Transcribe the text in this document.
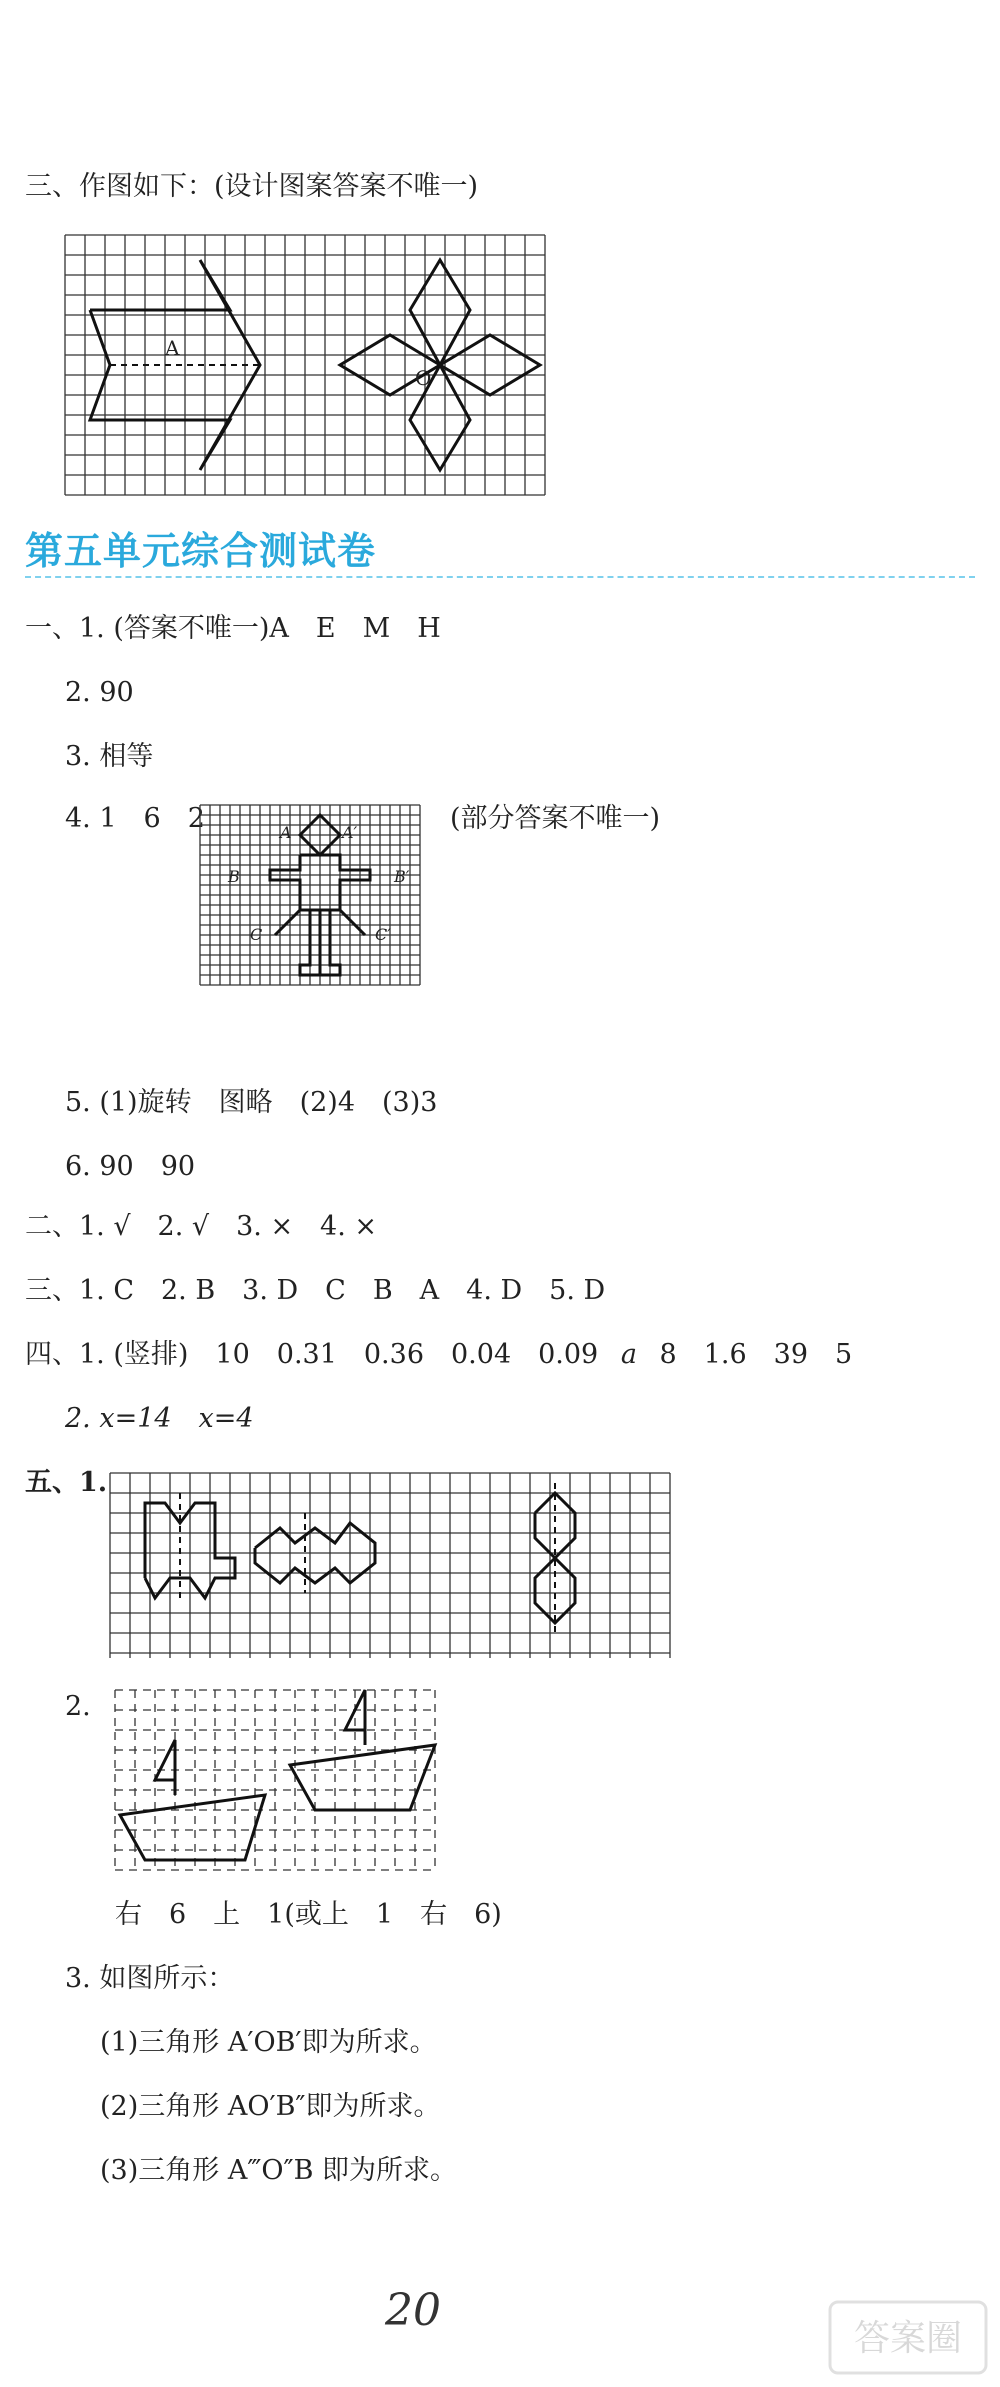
三、作图如下：(设计图案答案不唯一)
A
O
第五单元综合测试卷
一、1. (答案不唯一)A　E　M　H
2. 90
3. 相等
4. 1　6　2	(部分答案不唯一)
A	A′
B	B′
C	C′
5. (1)旋转　图略　(2)4　(3)3
6. 90　90
二、1. √　2. √　3. ×　4. ×
三、1. C　2. B　3. D　C　B　A　4. D　5. D
四、1. (竖排)　10　0.31　0.36　0.04　0.09 a 8　1.6　39　5
2. x=14　x=4
五、1.
2.
右　6　上　1(或上　1　右　6)
3. 如图所示：
(1)三角形 A′OB′即为所求。
(2)三角形 AO′B″即为所求。
(3)三角形 A‴O″B 即为所求。
20
答案圈
